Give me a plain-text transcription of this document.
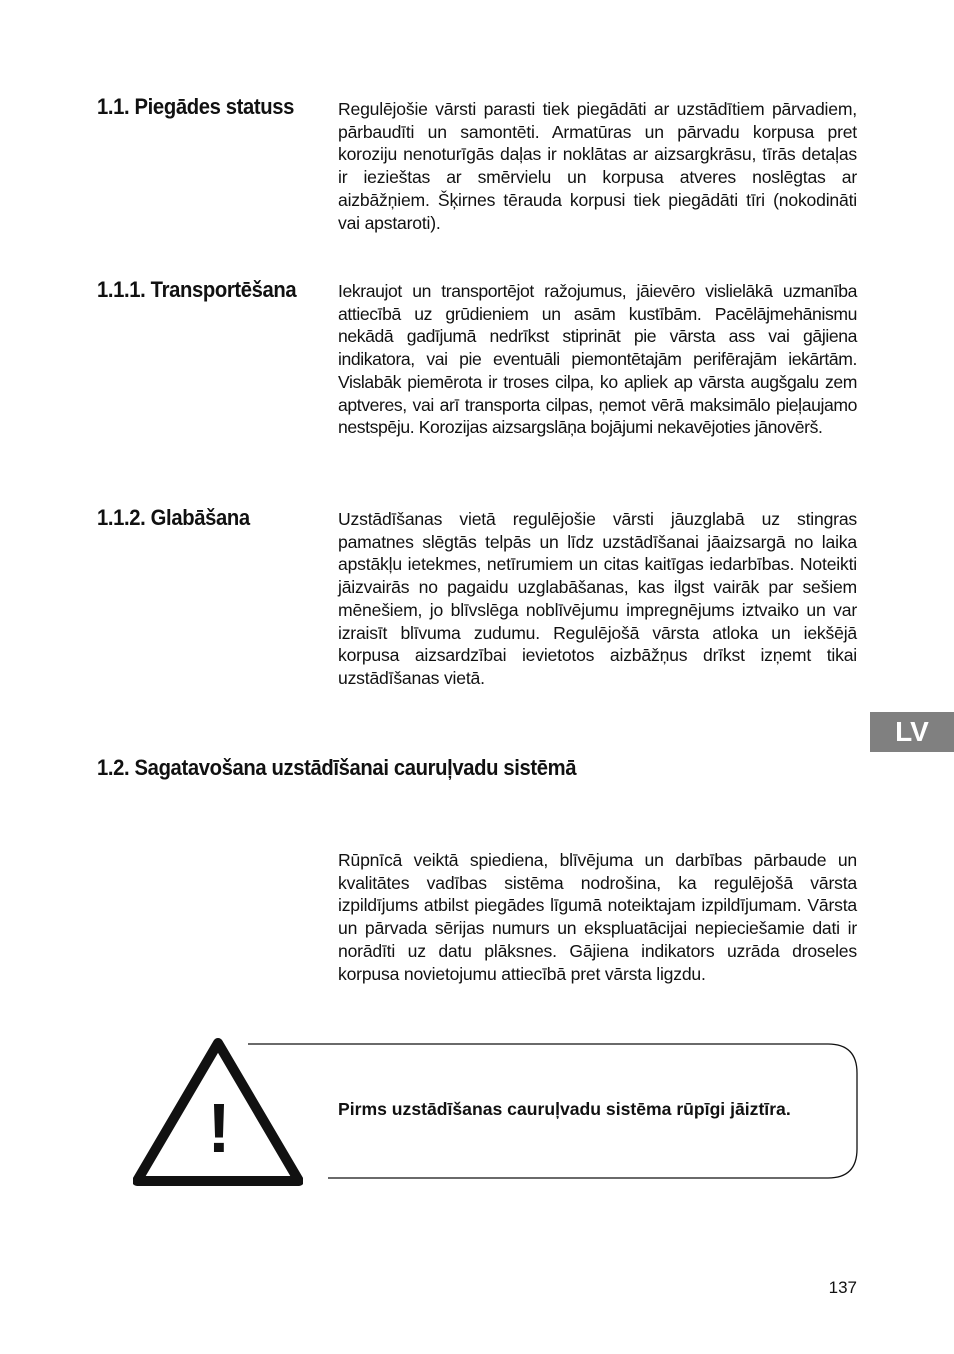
1.1. Piegādes statuss Regulējošie vārsti parasti tiek piegādāti ar uzstādītiem pārvadiem, pārbaudīti un samontēti. Armatūras un pārvadu korpusa pret koroziju nenoturīgās daļas ir noklātas ar aizsargkrāsu, tīrās detaļas ir iezieštas ar smērvielu un korpusa atveres noslēgtas ar aizbāžņiem. Šķirnes tērauda korpusi tiek piegādāti tīri (nokodināti vai apstaroti).

1.1.1. Transportēšana Iekraujot un transportējot ražojumus, jāievēro vislielākā uzmanība attiecībā uz grūdieniem un asām kustībām. Pacēlājmehānismu nekādā gadījumā nedrīkst stiprināt pie vārsta ass vai gājiena indikatora, vai pie eventuāli piemontētajām perifērajām iekārtām. Vislabāk piemērota ir troses cilpa, ko apliek ap vārsta augšgalu zem aptveres, vai arī transporta cilpas, ņemot vērā maksimālo pieļaujamo nestspēju. Korozijas aizsargslāņa bojājumi nekavējoties jānovērš.

1.1.2. Glabāšana	Uzstādīšanas vietā regulējošie vārsti jāuzglabā uz stingras pamatnes slēgtās telpās un līdz uzstādīšanai jāaizsargā no laika apstākļu ietekmes, netīrumiem un citas kaitīgas iedarbības. Noteikti jāizvairās no pagaidu uzglabāšanas, kas ilgst vairāk par sešiem mēnešiem, jo blīvslēga noblīvējumu impregnējums iztvaiko un var izraisīt blīvuma zudumu. Regulējošā vārsta atloka un iekšējā korpusa aizsardzībai ievietotos aizbāžņus drīkst izņemt tikai uzstādīšanas vietā.

LV
1.2. Sagatavošana uzstādīšanai cauruļvadu sistēmā

Rūpnīcā veiktā spiediena, blīvējuma un darbības pārbaude un kvalitātes vadības sistēma nodrošina, ka regulējošā vārsta izpildījums atbilst piegādes līgumā noteiktajam izpildījumam. Vārsta un pārvada sērijas numurs un ekspluatācijai nepieciešamie dati ir norādīti uz datu plāksnes. Gājiena indikators uzrāda droseles korpusa novietojumu attiecībā pret vārsta ligzdu.

!	Pirms uzstādīšanas cauruļvadu sistēma rūpīgi jāiztīra.

137
